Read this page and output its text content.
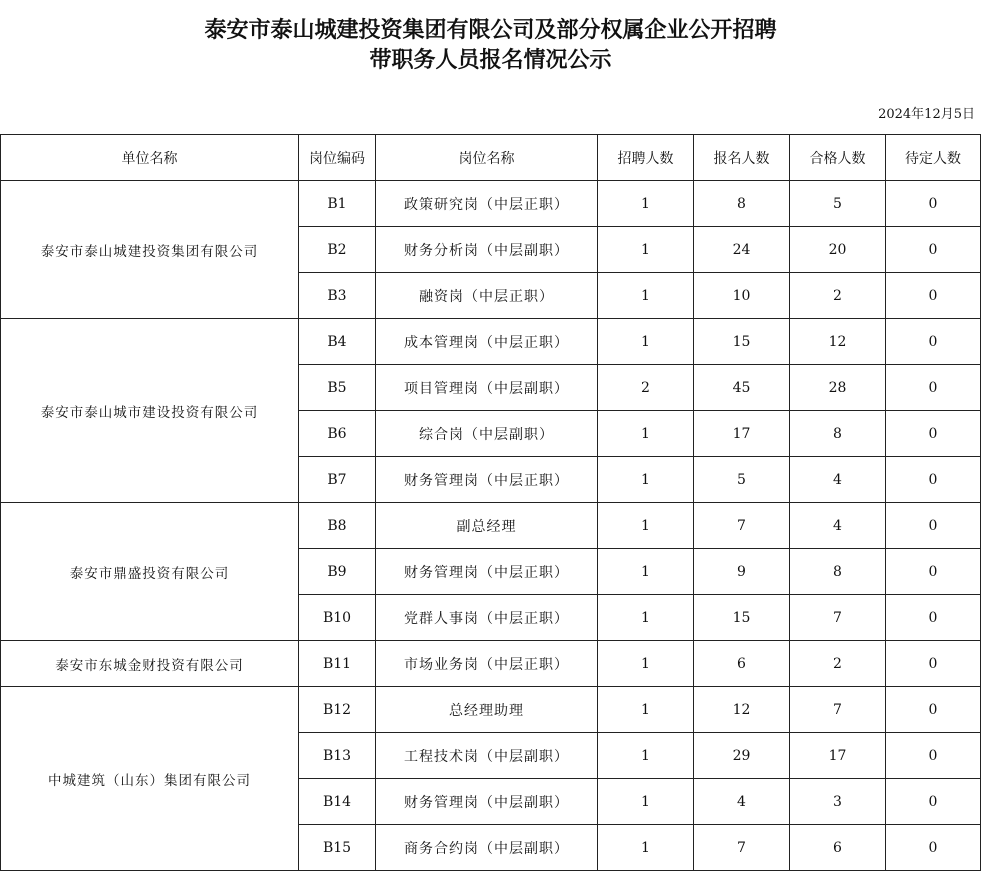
泰安市泰山城建投资集团有限公司及部分权属企业公开招聘
带职务人员报名情况公示
2024年12月5日
单位名称	岗位编码	岗位名称	招聘人数	报名人数	合格人数	待定人数
泰安市泰山城建投资集团有限公司	B1	政策研究岗（中层正职）	1	8	5	0
	B2	财务分析岗（中层副职）	1	24	20	0
	B3	融资岗（中层正职）	1	10	2	0
泰安市泰山城市建设投资有限公司	B4	成本管理岗（中层正职）	1	15	12	0
	B5	项目管理岗（中层副职）	2	45	28	0
	B6	综合岗（中层副职）	1	17	8	0
	B7	财务管理岗（中层正职）	1	5	4	0
泰安市鼎盛投资有限公司	B8	副总经理	1	7	4	0
	B9	财务管理岗（中层正职）	1	9	8	0
	B10	党群人事岗（中层正职）	1	15	7	0
泰安市东城金财投资有限公司	B11	市场业务岗（中层正职）	1	6	2	0
中城建筑（山东）集团有限公司	B12	总经理助理	1	12	7	0
	B13	工程技术岗（中层副职）	1	29	17	0
	B14	财务管理岗（中层副职）	1	4	3	0
	B15	商务合约岗（中层副职）	1	7	6	0
